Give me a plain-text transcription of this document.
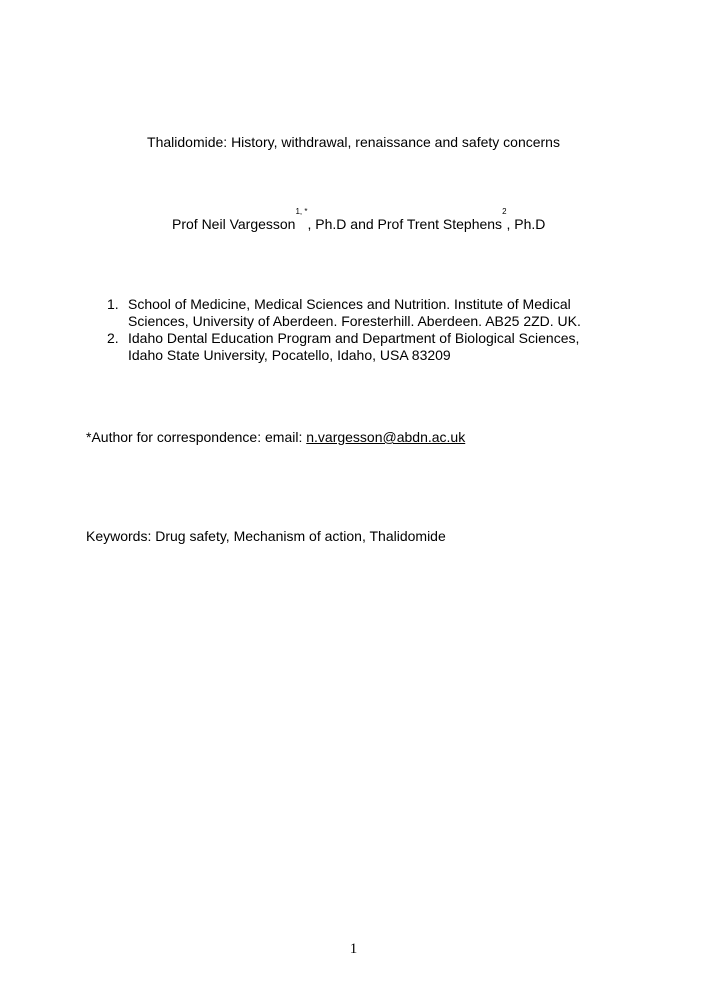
Thalidomide: History, withdrawal, renaissance and safety concerns
Prof Neil Vargesson$^{1, *}$, Ph.D and Prof Trent Stephens$^2$, Ph.D
1. School of Medicine, Medical Sciences and Nutrition. Institute of Medical
Sciences, University of Aberdeen. Foresterhill. Aberdeen. AB25 2ZD. UK.
2. Idaho Dental Education Program and Department of Biological Sciences,
Idaho State University, Pocatello, Idaho, USA 83209
*Author for correspondence: email: n.vargesson@abdn.ac.uk
Keywords: Drug safety, Mechanism of action, Thalidomide
1
